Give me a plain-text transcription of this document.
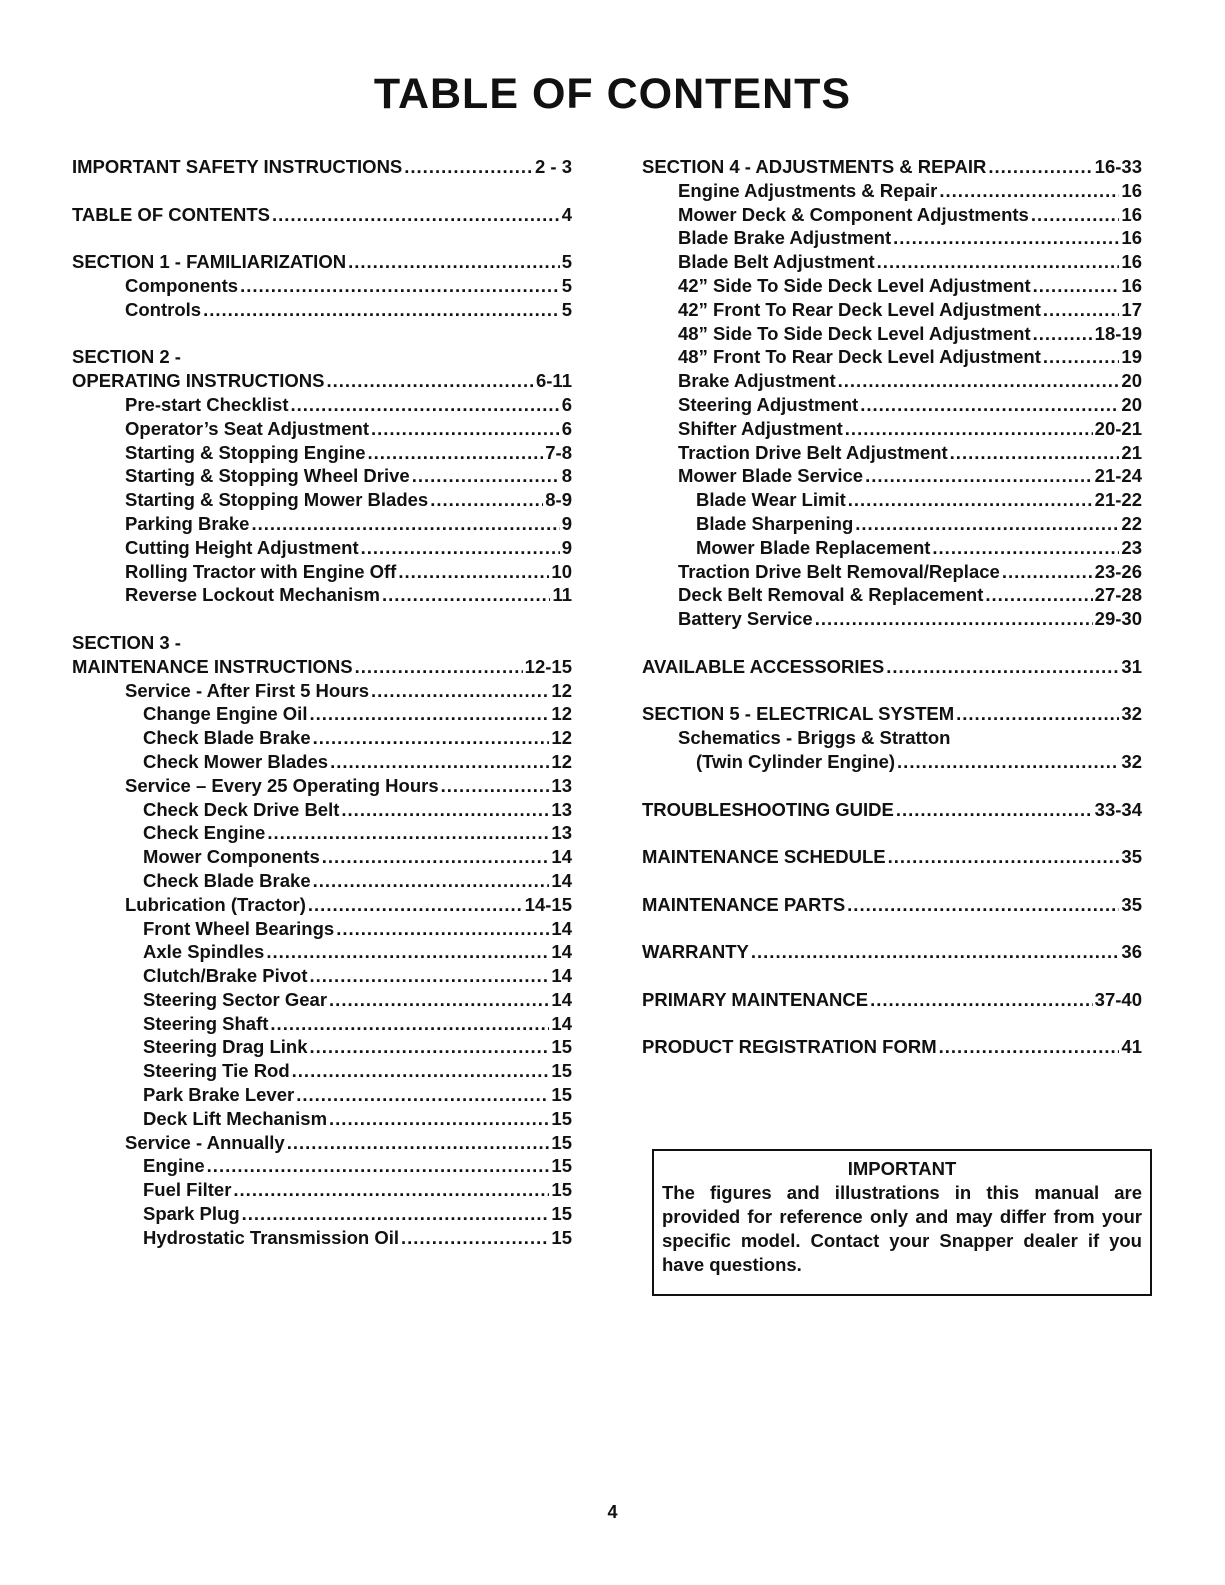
TABLE OF CONTENTS
IMPORTANT SAFETY INSTRUCTIONS .....	2 - 3
TABLE OF CONTENTS .....	4
SECTION 1 - FAMILIARIZATION .....	5
Components .....	5
Controls .....	5
SECTION 2 -
OPERATING INSTRUCTIONS .....	6-11
Pre-start Checklist .....	6
Operator’s Seat Adjustment .....	6
Starting & Stopping Engine .....	7-8
Starting & Stopping Wheel Drive .....	8
Starting & Stopping Mower Blades .....	8-9
Parking Brake .....	9
Cutting Height Adjustment .....	9
Rolling Tractor with Engine Off .....	10
Reverse Lockout Mechanism .....	11
SECTION 3 -
MAINTENANCE INSTRUCTIONS .....	12-15
Service - After First 5 Hours .....	12
Change Engine Oil .....	12
Check Blade Brake .....	12
Check Mower Blades .....	12
Service – Every 25 Operating Hours .....	13
Check Deck Drive Belt .....	13
Check Engine .....	13
Mower Components .....	14
Check Blade Brake .....	14
Lubrication (Tractor) .....	14-15
Front Wheel Bearings .....	14
Axle Spindles .....	14
Clutch/Brake Pivot .....	14
Steering Sector Gear .....	14
Steering Shaft .....	14
Steering Drag Link .....	15
Steering Tie Rod .....	15
Park Brake Lever .....	15
Deck Lift Mechanism .....	15
Service - Annually .....	15
Engine .....	15
Fuel Filter .....	15
Spark Plug .....	15
Hydrostatic Transmission Oil .....	15
SECTION 4 - ADJUSTMENTS & REPAIR .....	16-33
Engine Adjustments & Repair .....	16
Mower Deck & Component Adjustments .....	16
Blade Brake Adjustment .....	16
Blade Belt Adjustment .....	16
42” Side To Side Deck Level Adjustment .....	16
42” Front To Rear Deck Level Adjustment .....	17
48” Side To Side Deck Level Adjustment .....	18-19
48” Front To Rear Deck Level Adjustment .....	19
Brake Adjustment .....	20
Steering Adjustment .....	20
Shifter Adjustment .....	20-21
Traction Drive Belt Adjustment .....	21
Mower Blade Service .....	21-24
Blade Wear Limit .....	21-22
Blade Sharpening .....	22
Mower Blade Replacement .....	23
Traction Drive Belt Removal/Replace .....	23-26
Deck Belt Removal & Replacement .....	27-28
Battery Service .....	29-30
AVAILABLE ACCESSORIES .....	31
SECTION 5 - ELECTRICAL SYSTEM .....	32
Schematics - Briggs & Stratton
(Twin Cylinder Engine) .....	32
TROUBLESHOOTING GUIDE .....	33-34
MAINTENANCE SCHEDULE .....	35
MAINTENANCE PARTS .....	35
WARRANTY .....	36
PRIMARY MAINTENANCE .....	37-40
PRODUCT REGISTRATION FORM .....	41
IMPORTANT
The figures and illustrations in this manual are provided for reference only and may differ from your specific model. Contact your Snapper dealer if you have questions.
4
